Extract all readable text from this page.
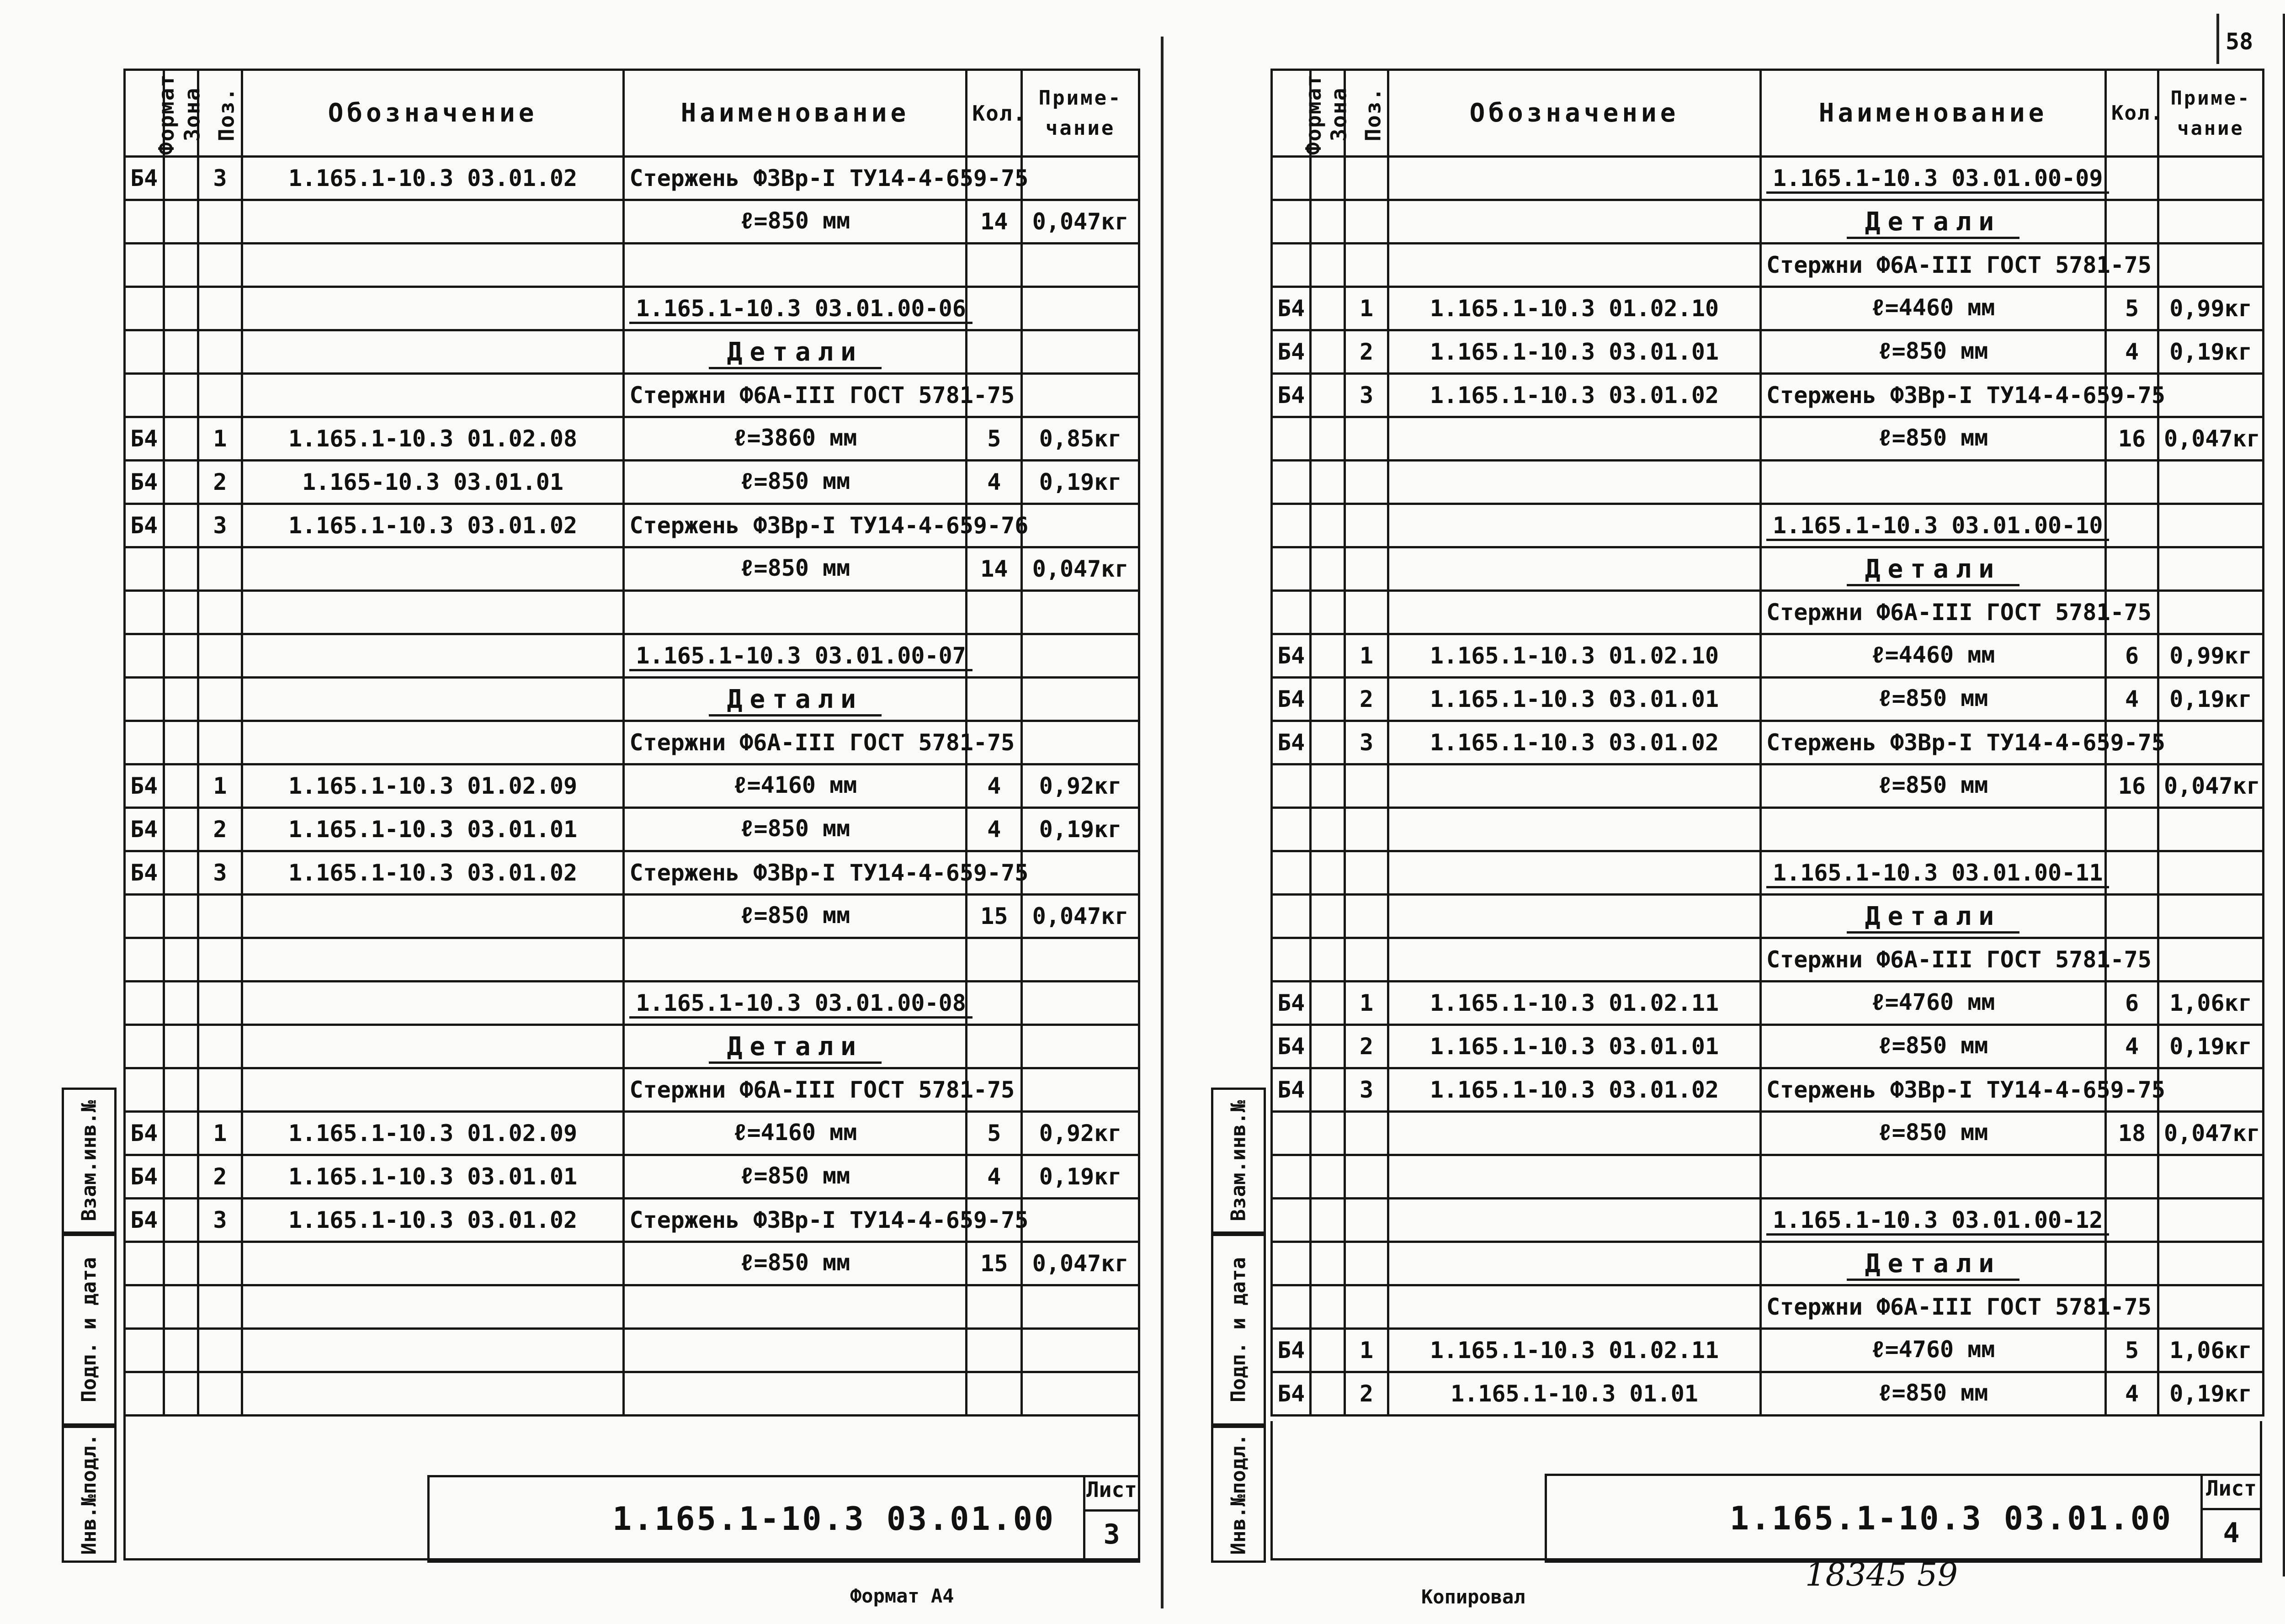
Формат	Зона	Поз.	Обозначение	Наименование	Кол.	Приме-
чание
Б4		3	1.165.1-10.3 03.01.02	Стержень Ф3Вр-I ТУ14-4-659-75		
				ℓ=850 мм	14	0,047кг

				1.165.1-10.3 03.01.00-06		
				Детали		
				Стержни Ф6А-III ГОСТ 5781-75		
Б4		1	1.165.1-10.3 01.02.08	ℓ=3860 мм	5	0,85кг
Б4		2	1.165-10.3 03.01.01	ℓ=850 мм	4	0,19кг
Б4		3	1.165.1-10.3 03.01.02	Стержень Ф3Вр-I ТУ14-4-659-76		
				ℓ=850 мм	14	0,047кг

				1.165.1-10.3 03.01.00-07		
				Детали		
				Стержни Ф6А-III ГОСТ 5781-75		
Б4		1	1.165.1-10.3 01.02.09	ℓ=4160 мм	4	0,92кг
Б4		2	1.165.1-10.3 03.01.01	ℓ=850 мм	4	0,19кг
Б4		3	1.165.1-10.3 03.01.02	Стержень Ф3Вр-I ТУ14-4-659-75		
				ℓ=850 мм	15	0,047кг

				1.165.1-10.3 03.01.00-08		
				Детали		
				Стержни Ф6А-III ГОСТ 5781-75		
Б4		1	1.165.1-10.3 01.02.09	ℓ=4160 мм	5	0,92кг
Б4		2	1.165.1-10.3 03.01.01	ℓ=850 мм	4	0,19кг
Б4		3	1.165.1-10.3 03.01.02	Стержень Ф3Вр-I ТУ14-4-659-75		
				ℓ=850 мм	15	0,047кг

Взам.инв.№
Подп. и дата
Инв.№подл.	1.165.1-10.3 03.01.00
Лист
3
Формат А4
58
Формат	Зона	Поз.	Обозначение	Наименование	Кол.	Приме-
чание
				1.165.1-10.3 03.01.00-09		
				Детали		
				Стержни Ф6А-III ГОСТ 5781-75		
Б4		1	1.165.1-10.3 01.02.10	ℓ=4460 мм	5	0,99кг
Б4		2	1.165.1-10.3 03.01.01	ℓ=850 мм	4	0,19кг
Б4		3	1.165.1-10.3 03.01.02	Стержень Ф3Вр-I ТУ14-4-659-75		
				ℓ=850 мм	16	0,047кг

				1.165.1-10.3 03.01.00-10		
				Детали		
				Стержни Ф6А-III ГОСТ 5781-75		
Б4		1	1.165.1-10.3 01.02.10	ℓ=4460 мм	6	0,99кг
Б4		2	1.165.1-10.3 03.01.01	ℓ=850 мм	4	0,19кг
Б4		3	1.165.1-10.3 03.01.02	Стержень Ф3Вр-I ТУ14-4-659-75		
				ℓ=850 мм	16	0,047кг

				1.165.1-10.3 03.01.00-11		
				Детали		
				Стержни Ф6А-III ГОСТ 5781-75		
Б4		1	1.165.1-10.3 01.02.11	ℓ=4760 мм	6	1,06кг
Б4		2	1.165.1-10.3 03.01.01	ℓ=850 мм	4	0,19кг
Б4		3	1.165.1-10.3 03.01.02	Стержень Ф3Вр-I ТУ14-4-659-75		
				ℓ=850 мм	18	0,047кг

				1.165.1-10.3 03.01.00-12		
				Детали		
				Стержни Ф6А-III ГОСТ 5781-75		
Б4		1	1.165.1-10.3 01.02.11	ℓ=4760 мм	5	1,06кг
Б4		2	1.165.1-10.3 01.01	ℓ=850 мм	4	0,19кг
Взам.инв.№
Подп. и дата
Инв.№подл.	1.165.1-10.3 03.01.00
Лист
4
18345 59
Копировал
